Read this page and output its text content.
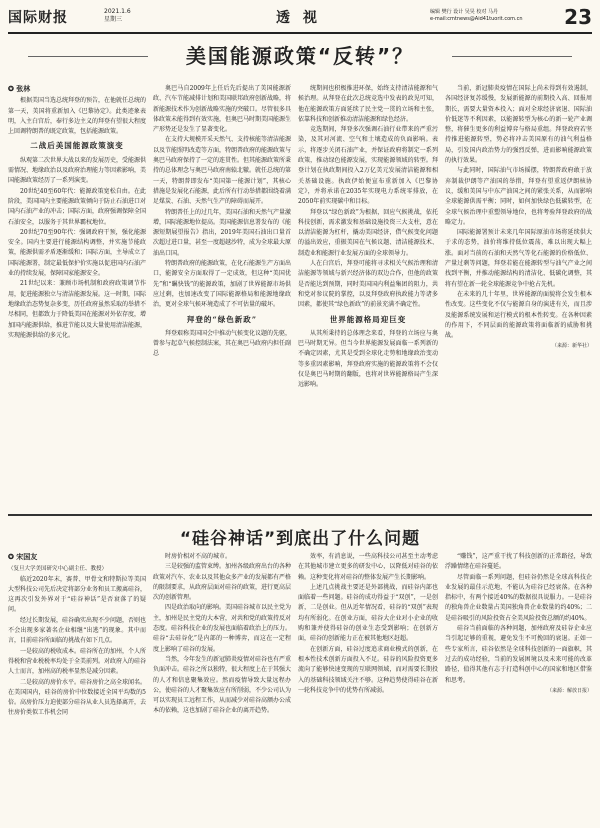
国际财报	2021.1.6
星期三	透 视	编辑 樊行 设计 吴昊 校对 马丹
e-mail:cmtnews@Aid41tuorit.com.cn 23
美国能源政策“反转”？

✪ 张林

根据美国当选总统拜登的预告，在他就任总统的第一天，美国将重新加入《巴黎协定》。此类迹象表明，入主白宫后，奉行多边主义的拜登有望很大程度上回调特朗普的既定政策，包括能源政策。

二战后美国能源政策演变

纵观第二次世界大战以来的发展历史，受能源供需情况、地缘政治以及政府治理能力等因素影响，美国能源政策经历了一系列演变。

20世纪40至60年代：能源政策宽松自由。在此阶段，美国国内主要能源政策倾向于防止石油进口对国内石油产业的冲击；国际方面，政府强调保障全国石油安全，以服务于其世界霸权地位。

20世纪70至90年代：强调政府干预，强化能源安全。国内主要进行能源结构调整，并实施节能政策，能源供需矛盾逐渐缓和；国际方面，主导成立了国际能源署，制定最低保护价实施以促进国内石油产业的持续发展，保障国家能源安全。

21世纪以来：兼顾市场机制和政府政策调节作用，促进能源独立与清洁能源发展。这一时期，国际地缘政治态势复杂多变，历任政府虽然采取的举措不尽相同，但都致力于降低美国在能源对外依存度，增加国内能源供给，推进节能以及大量使用清洁能源，实现能源供给的多元化。

奥巴马自2009年上任后先后提出了美国能源新政、汽车节能减排计划和美国联邦政府创新战略，将新能源技术作为创新战略实施的突破口。尽管很多具体政策未能得到有效实施，但奥巴马时期美国能源生产形势还是发生了显著变化。

在支持大规模开采天然气、支持核能等清洁能源以及节能照明改造等方面，特朗普政府的能源政策与奥巴马政府保持了一定的连贯性。但其能源政策所秉持的总体理念与奥巴马政府南辕北辙。就任总统的第一天，特朗普即发布“美国第一能源计划”，其核心措施是发展化石能源，此后所有行动举措都围绕着满足煤炭、石油、天然气生产的障碍而展开。

特朗普任上的过几年，美国石油和天然气产量激增，国际能源地位提高。美国能源信息署发布的《能源短期展望报告》指出，2019年美国石油出口量首次超过进口量，甚至一度超越沙特，成为全球最大原油出口国。

特朗普政府的能源政策，在化石能源生产方面出口，能源安全方面取得了一定成效，但这种“美国优先”和“瞩快钱”的能源政策，加剧了世界能源市场供应过剩，也加速改变了国际能源格局和能源地缘政治，更对全球气候环境造成了不可估量的破坏。

拜登的“绿色新政”

拜登艰称美国国会中推动气候变化议题的先驱，曾参与起草气候控制法案，其在奥巴马政府内担任副总

统期间也积极推进环保，始终支持清洁能源和气候治理。从拜登在此次总统竞选中发表的政见可知，他在能源政策方面延续了民主党一贯的立场和主张，依靠科技和创新推动清洁能源和绿色经济。

竞选期间，拜登多次强调石油行业带来的严重污染，及其对河流、空气和土壤造成的负面影响。表示，将逐步关闭石油产业，并保证政府将制定一系列政策，推动绿色能源发展，实现能源领域的转型。拜登计划在执政期间投入2万亿美元发展清洁能源和相关基础设施。执政伊始便宣布重新加入《巴黎协定》，并将承诺在2035年实现电力系统零排放，在2050年前实现碳中和目标。

拜登以“绿色新政”为根据，回应气候挑战，依托科技创新，需求激发和基础设施投资三大支柱，意在以清洁能源为杠杆，撬动美国经济，借气候变化问题的溢出效应，重振美国在气候议题、清洁能源技术、制造业和能源行业发展方面的全球领导力。

人在白宫后，拜登可能将寻求相关气候治理和清洁能源等领域与新兴经济体的双边合作，但他的政策是否能达到预期，同时美国国内利益集团的阻力，共和党对参议院的掌控，以及拜登政府执政能力等诸多因素，都使其“绿色新政”的前景充满不确定性。

世界能源格局迎巨变

从其所秉持的总体理念来看，拜登的立场应与奥巴马时期无异。但当今世界能源发展面临一系列新的不确定因素，尤其是受到全球化走势和地缘政治变动等多重因素影响，拜登政府实施的能源政策将不会仅仅是奥巴马时期的翻版，也将对世界能源格局产生深远影响。

当前，新冠肺炎疫情在国际上尚未得到有效遏制，各国经济复苏缓慢，发展新能源的前期投入高、回报周期长，需要大量资本投入；面对全球经济衰退、国际油价低迷等不利因素，以能源转型为核心的新一轮产业调整，将催生更多的利益博弈与格局重组。拜登政府若坚持推进能源转型，势必将冲击美国原有的油气利益格局，引发国内政治势力的强烈反弹，进而影响能源政策的执行效果。

与此同时，国际油气市场摇摆，特朗普政府敢于放弃制裁伊朗等产油国的举措，拜登有望重返伊朗核协议，缓和美国与中东产油国之间的紧张关系，从而影响全球能源供需平衡；同时，如何加快绿色低碳转型，在全球气候治理中重塑领导地位，也将考验拜登政府的战略定力。

国际能源署预计未来几年国际原油市场将延续供大于求的态势，油价将维持低位震荡，难以出现大幅上涨。面对当前的石油和天然气等化石能源的价格低位、产量过剩等问题，拜登若能在能源转型与油气产业之间找到平衡，并推动能源结构的清洁化、低碳化调整，其将有望在新一轮全球能源竞争中抢占先机。

在未来的几十年里，世界能源的面貌将会发生根本性改变。这些变化不仅与能源自身的演进有关，而且涉及能源系统发展和运行模式的根本性转变。在各种因素的作用下，不同层面的能源政策将面临新的威胁和挑战。

（来源：新华社）

“硅谷神话”到底出了什么问题

✪ 宋国友

（复旦大学美国研究中心副主任、教授）

临近2020年末，赛普、甲骨文和特斯拉等美国大型科技公司先后决定将部分业务和员工搬离硅谷，这再次引发外界对于“硅谷神话”是否衰落了的疑问。

经过长期发展，硅谷确实出现不少问题，否则也不会出现多家著名企业相继“出逃”的现象。其中而言，目前硅谷所面临的挑战有如下几点。

一是较高的税收成本。硅谷所在的加州，个人所得税和营业税税率均处于全美前列。对政府入的硅谷人士而言，加州高的税率显然是减分因素。

二是较高的房价水平。硅谷房价之高全球闻名。在美国国内，硅谷的房价中位数接近全国平均数的5倍。高房价压力迫使部分硅谷从业人员选择离开，去往房价类似工作机会同

时房价相对不高的城市。

三是较强的监管束缚。加州各级政府出台的各种政策对汽车、农业以及其他众多产业的发展都有严格的限制要求，从政府层面对硅谷的政策，进行更高层次的创新管理。

四是政治取向的影响。美国硅谷城市以民主党为主，加州是民主党的大本营，对共和党的政策持反对态度。硅谷科技企业的发展也面临着政治上的压力。硅谷“去硅谷化”是内部的一种博弈，而这在一定程度上影响了硅谷的发展。

当然，今年发生的新冠肺炎疫情对硅谷也有严重负面冲击。硅谷之所以独特，很大程度上在于其强大的人才和信息聚集效应。然而疫情导致大量远程办公，使硅谷的人才聚集效应有所削弱，不少公司认为可以实现员工远程工作，从而减少对硅谷高额办公成本的依赖，这也加剧了硅谷企业的离开趋势。

效率，有消息说，一些高科技公司甚至主动考虑在其他城市建立更多的研发中心，以降低对硅谷的依赖。这种变化将对硅谷的整体发展产生长期影响。

上述几点挑战主要还是外部挑战，而硅谷内部也面临着一些问题。硅谷的成功得益于“双创”，一是创新，二是创业。但从近年情况看，硅谷的“双创”表现均有所弱化。在创业方面，硅谷大企业对小企业的收购和兼并使得硅谷的创业生态受到影响；在创新方面，硅谷的创新能力正在被其他地区赶超。

在创新方面，硅谷过度追求商业模式的创新，在根本性技术创新方面投入不足。硅谷的风险投资更多流向了能够快速变现的互联网领域，而对需要长期投入的基础科技领域关注不够。这种趋势使得硅谷在新一轮科技竞争中的优势有所减弱。

“赚钱”，这严重干扰了科技创新的正常路径，导致浮躁情绪在硅谷蔓延。

尽管面临一系列问题，但硅谷仍然是全球高科技企业发展的最佳示范地，不能认为硅谷已经衰落。在各种指标中，有两个接近40%的数据很具说服力。一是硅谷的独角兽企业数量占美国独角兽企业数量的约40%；二是硅谷吸引的风险投资占全美风险投资总额的约40%。

硅谷当前面临的各种问题，加州政府及硅谷企业应当引起足够的重视，避免发生不可挽回的衰退。正如一些专家所言，硅谷依然是全球科技创新的一面旗帜，其过去的成功经验，当前的发展困境以及未来可能的改革路径，值得其他有志于打造科创中心的国家和地区借鉴和思考。

（来源：解放日报）
